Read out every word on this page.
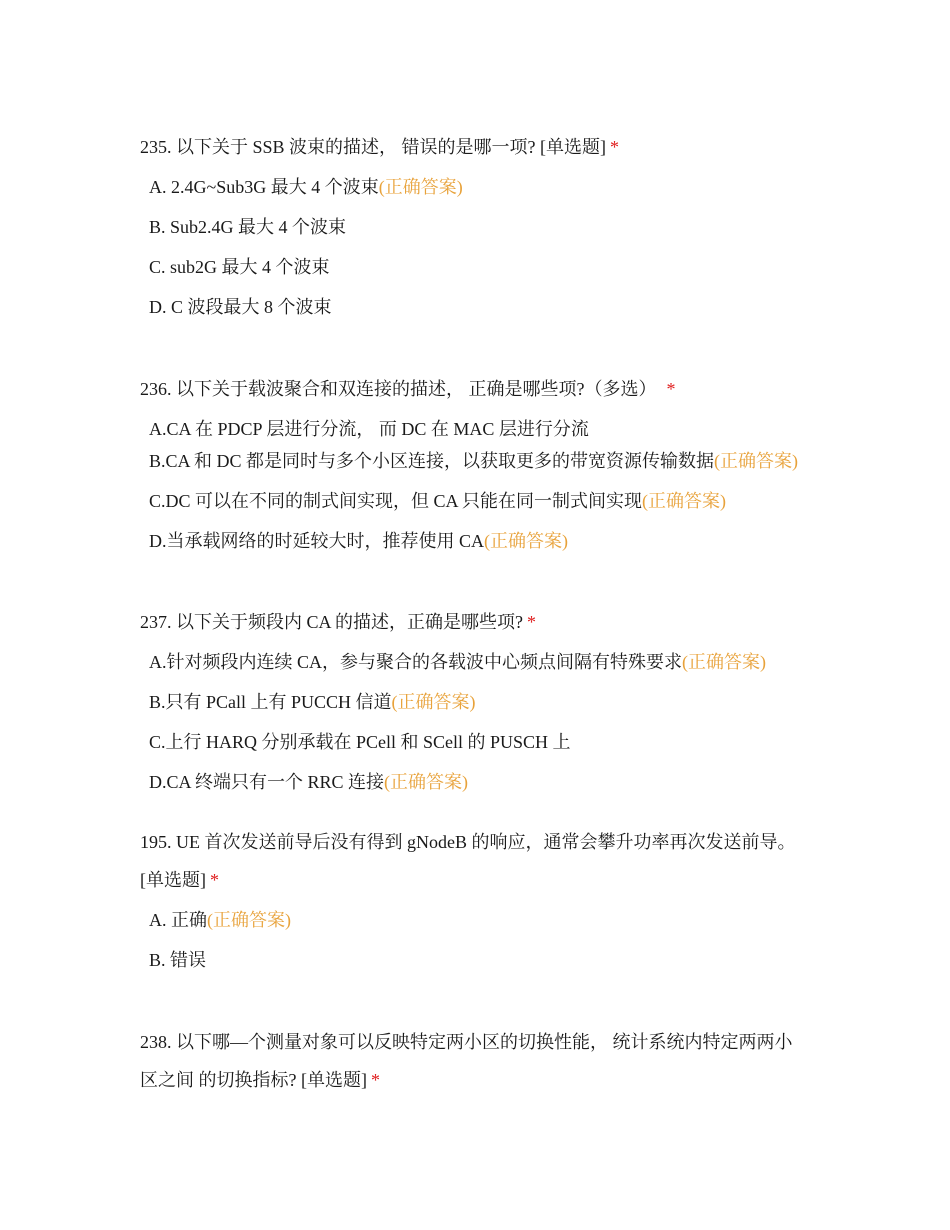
235. 以下关于 SSB 波束的描述， 错误的是哪一项? [单选题] *

A. 2.4G~Sub3G 最大 4 个波束(正确答案)
B. Sub2.4G 最大 4 个波束
C. sub2G 最大 4 个波束
D. C 波段最大 8 个波束

236. 以下关于载波聚合和双连接的描述， 正确是哪些项?（多选） *

A.CA 在 PDCP 层进行分流， 而 DC 在 MAC 层进行分流
B.CA 和 DC 都是同时与多个小区连接，以获取更多的带宽资源传输数据(正确答案)
C.DC 可以在不同的制式间实现，但 CA 只能在同一制式间实现(正确答案)
D.当承载网络的时延较大时，推荐使用 CA(正确答案)

237. 以下关于频段内 CA 的描述，正确是哪些项? *

A.针对频段内连续 CA，参与聚合的各载波中心频点间隔有特殊要求(正确答案)
B.只有 PCall 上有 PUCCH 信道(正确答案)
C.上行 HARQ 分别承载在 PCell 和 SCell 的 PUSCH 上
D.CA 终端只有一个 RRC 连接(正确答案)

195. UE 首次发送前导后没有得到 gNodeB 的响应，通常会攀升功率再次发送前导。 [单选题] *

A. 正确(正确答案)
B. 错误

238. 以下哪—个测量对象可以反映特定两小区的切换性能， 统计系统内特定两两小区之间 的切换指标? [单选题] *
